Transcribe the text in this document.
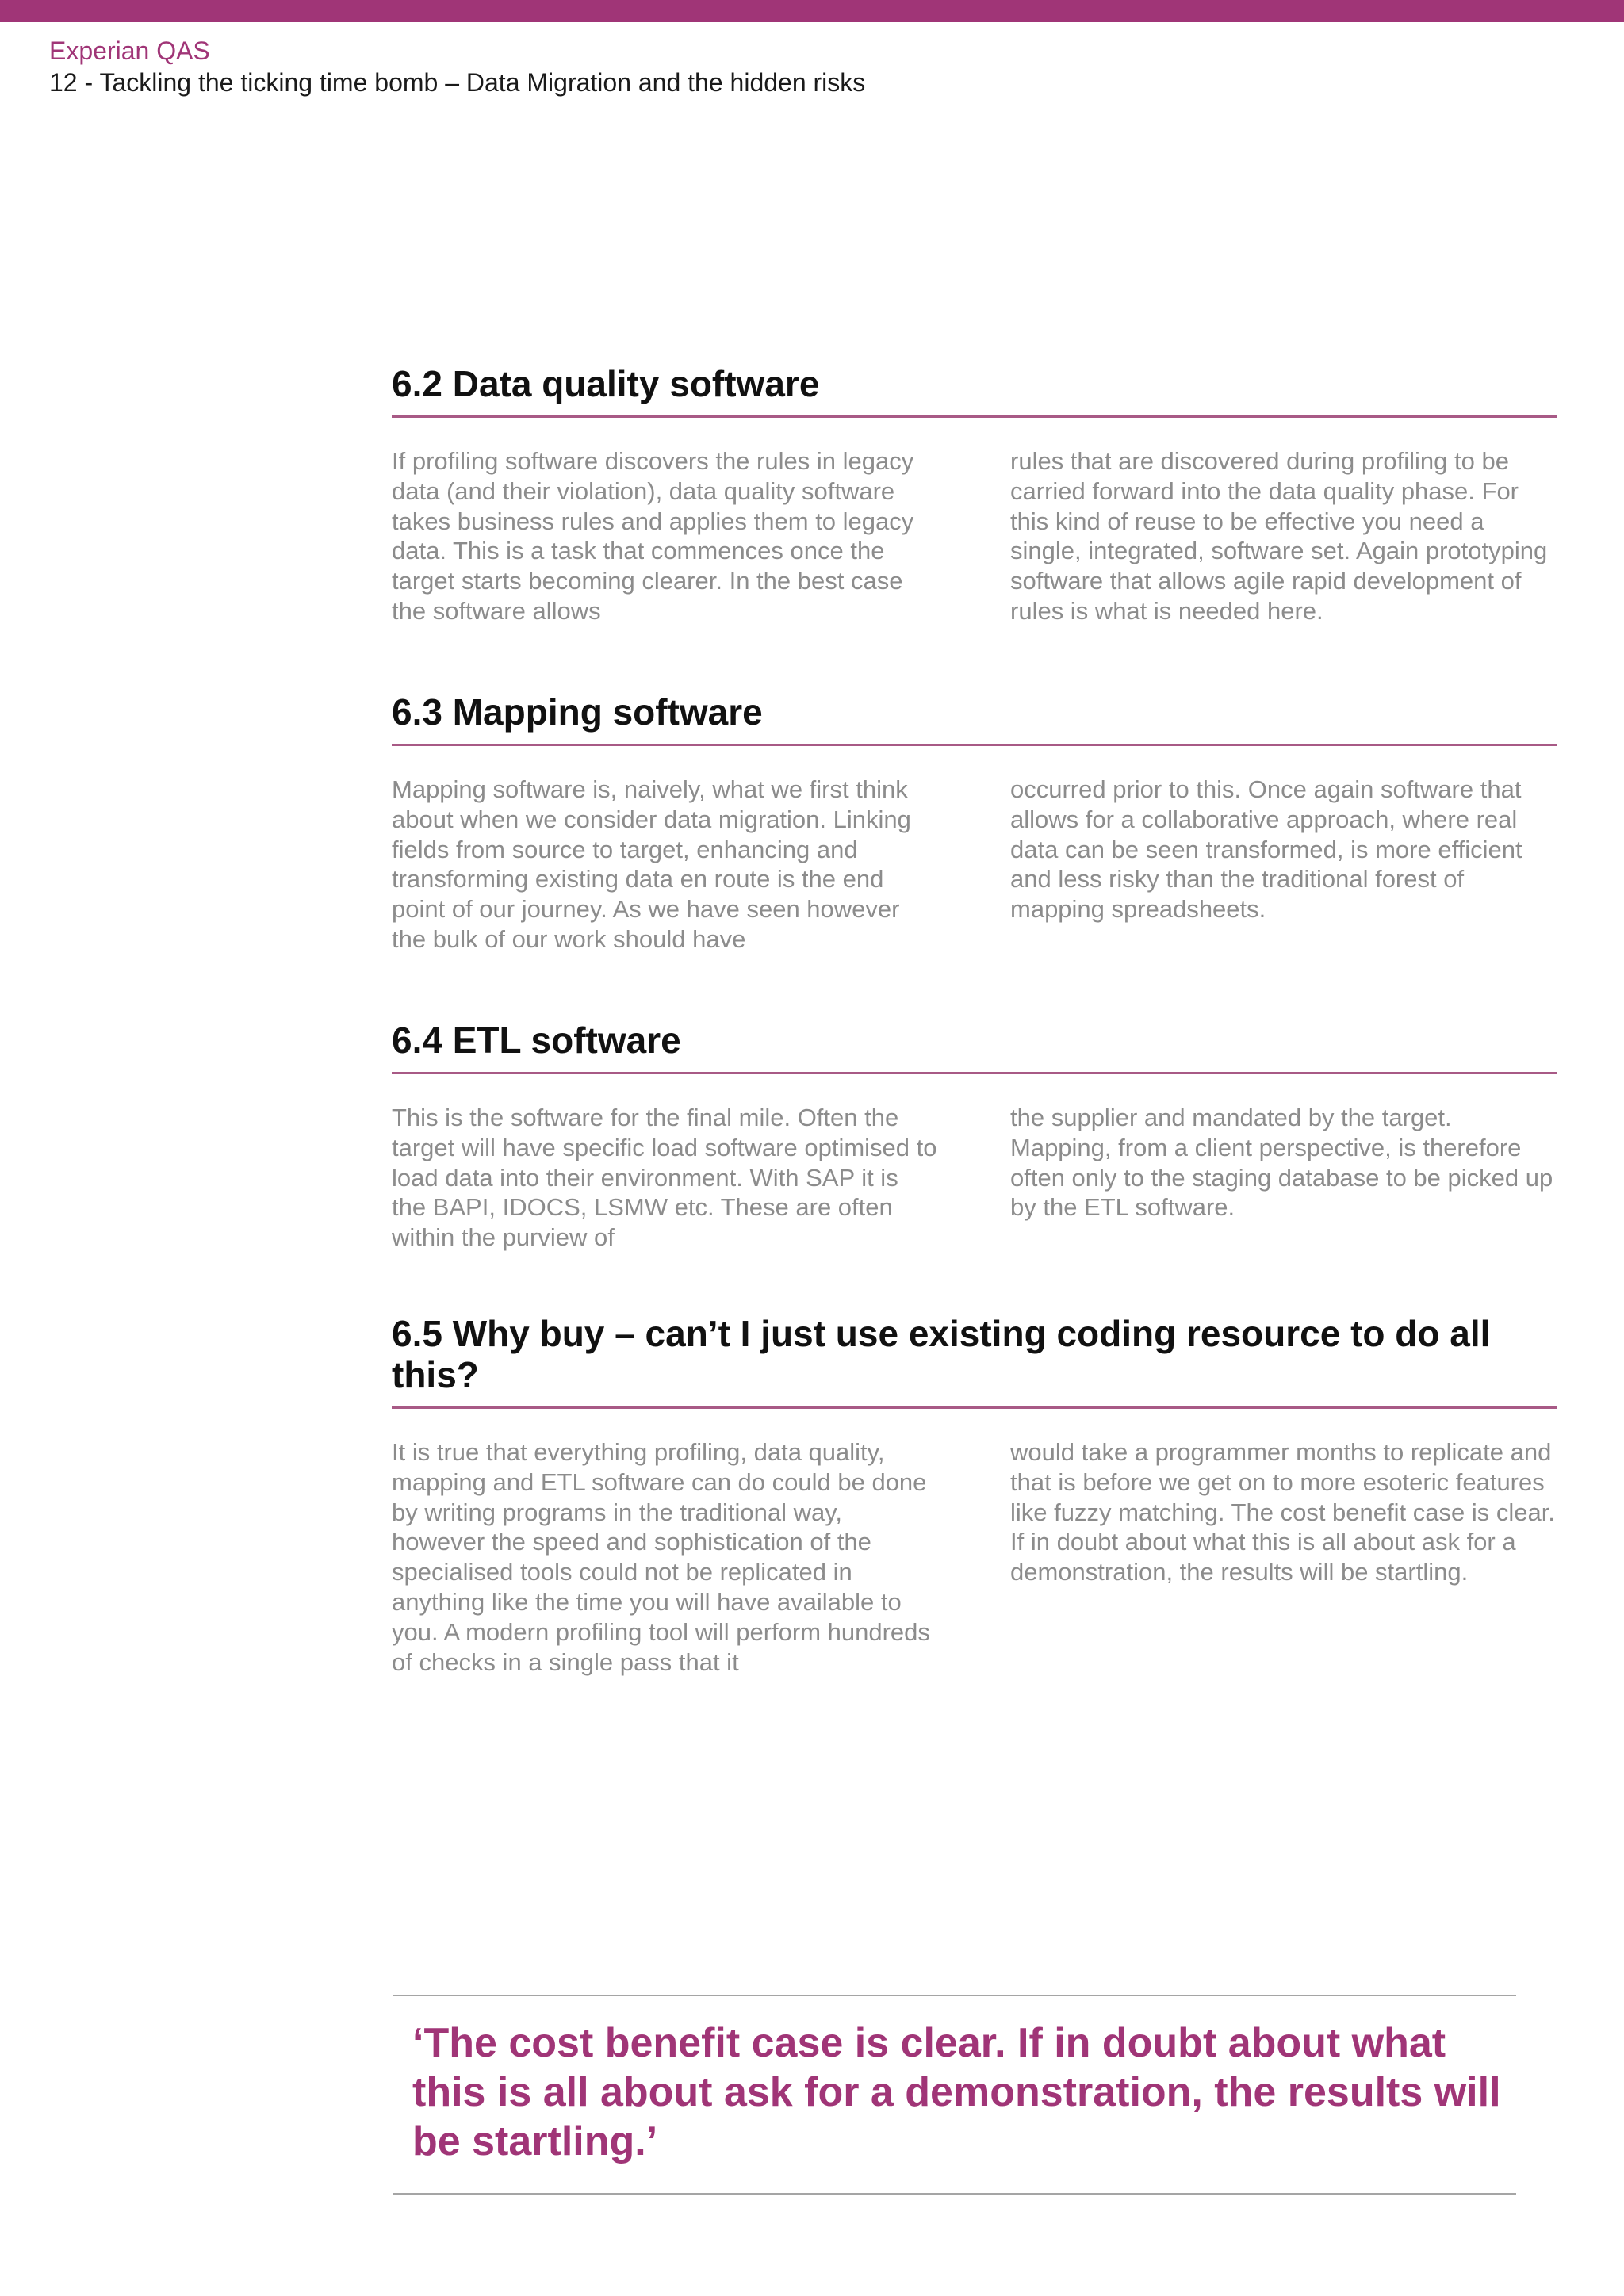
Experian QAS
12 - Tackling the ticking time bomb – Data Migration and the hidden risks
6.2 Data quality software

If profiling software discovers the rules in legacy data (and their violation), data quality software takes business rules and applies them to legacy data. This is a task that commences once the target starts becoming clearer. In the best case the software allows

rules that are discovered during profiling to be carried forward into the data quality phase. For this kind of reuse to be effective you need a single, integrated, software set. Again prototyping software that allows agile rapid development of rules is what is needed here.

6.3 Mapping software

Mapping software is, naively, what we first think about when we consider data migration. Linking fields from source to target, enhancing and transforming existing data en route is the end point of our journey. As we have seen however the bulk of our work should have

occurred prior to this. Once again software that allows for a collaborative approach, where real data can be seen transformed, is more efficient and less risky than the traditional forest of mapping spreadsheets.

6.4 ETL software

This is the software for the final mile. Often the target will have specific load software optimised to load data into their environment. With SAP it is the BAPI, IDOCS, LSMW etc. These are often within the purview of

the supplier and mandated by the target. Mapping, from a client perspective, is therefore often only to the staging database to be picked up by the ETL software.

6.5 Why buy – can’t I just use existing coding resource to do all this?

It is true that everything profiling, data quality, mapping and ETL software can do could be done by writing programs in the traditional way, however the speed and sophistication of the specialised tools could not be replicated in anything like the time you will have available to you. A modern profiling tool will perform hundreds of checks in a single pass that it

would take a programmer months to replicate and that is before we get on to more esoteric features like fuzzy matching. The cost benefit case is clear. If in doubt about what this is all about ask for a demonstration, the results will be startling.

‘The cost benefit case is clear. If in doubt about what this is all about ask for a demonstration, the results will be startling.’
